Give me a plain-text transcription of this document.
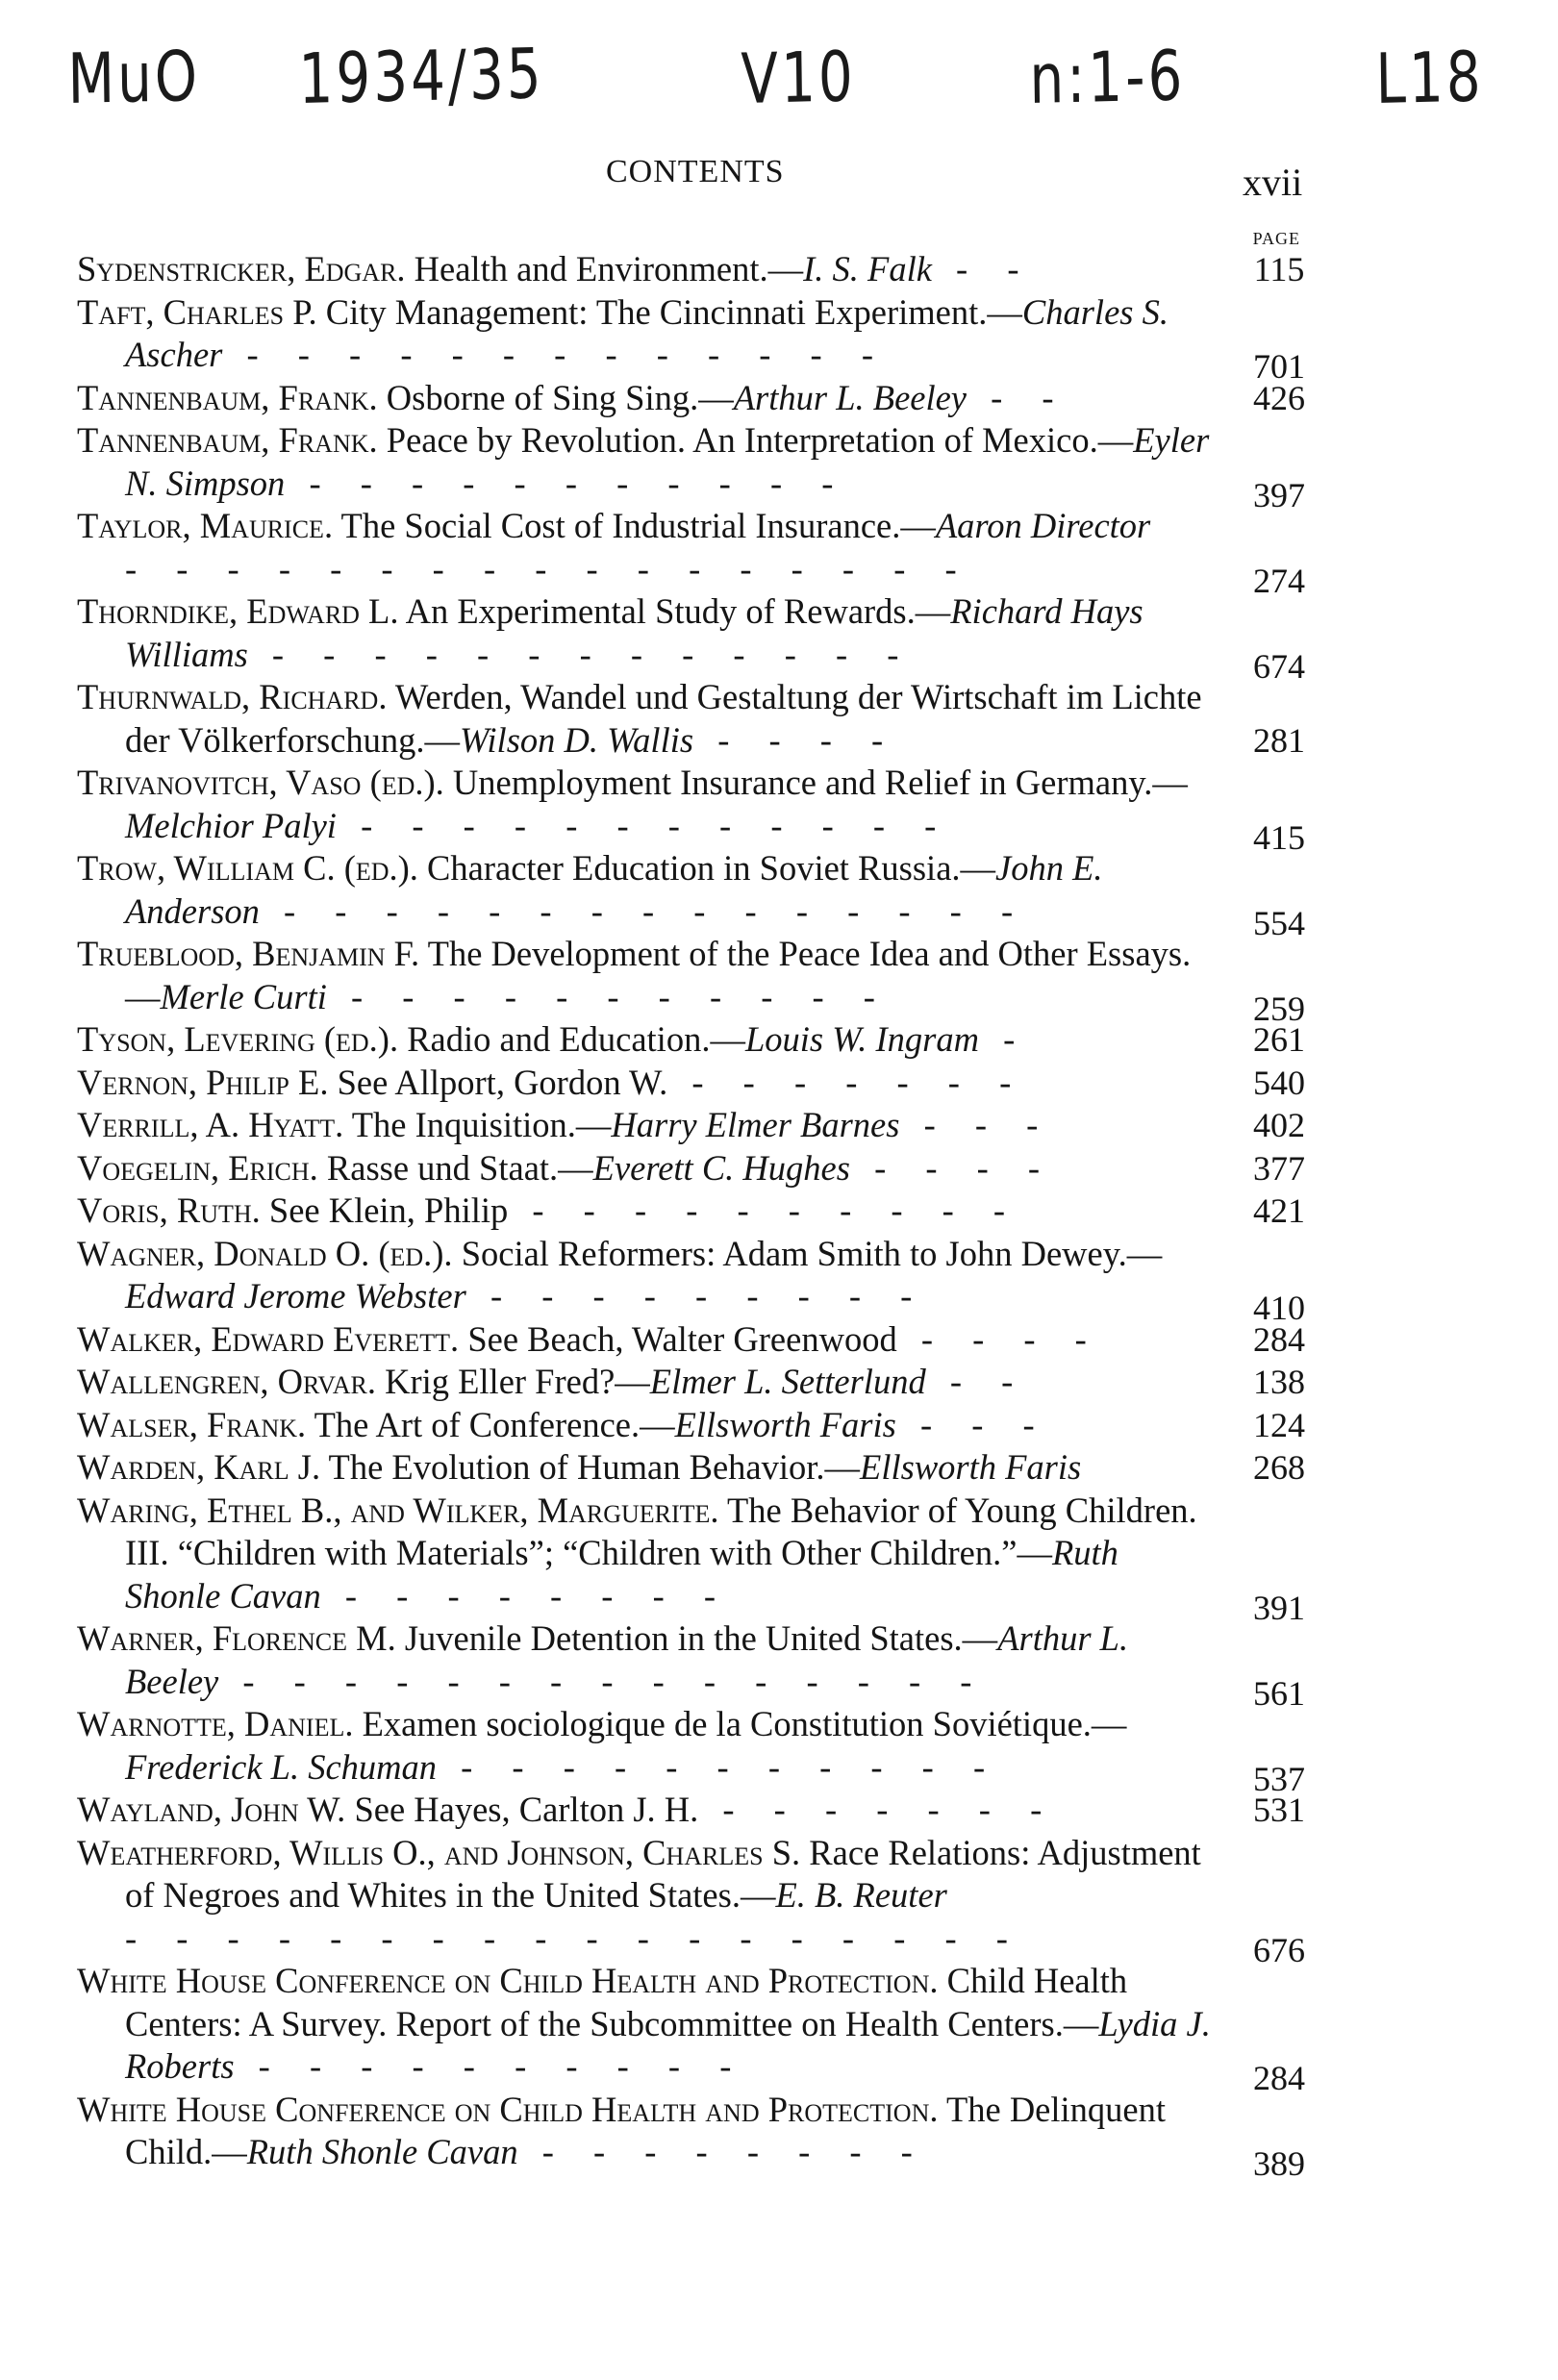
MuO 1934/35	V10 n:1-6	L18
CONTENTS	xvii
PAGE
Sydenstricker, Edgar. Health and Environment.—I. S. Falk - -	115
Taft, Charles P. City Management: The Cincinnati Experiment.—Charles S. Ascher - - - - - - - - - - - - -	701
Tannenbaum, Frank. Osborne of Sing Sing.—Arthur L. Beeley - -	426
Tannenbaum, Frank. Peace by Revolution. An Interpretation of Mexico.—Eyler N. Simpson - - - - - - - - - - -	397
Taylor, Maurice. The Social Cost of Industrial Insurance.—Aaron Director - - - - - - - - - - - - - - - - -	274
Thorndike, Edward L. An Experimental Study of Rewards.—Richard Hays Williams - - - - - - - - - - - - -	674
Thurnwald, Richard. Werden, Wandel und Gestaltung der Wirtschaft im Lichte der Völkerforschung.—Wilson D. Wallis - - - -	281
Trivanovitch, Vaso (ed.). Unemployment Insurance and Relief in Germany.—Melchior Palyi - - - - - - - - - - - -	415
Trow, William C. (ed.). Character Education in Soviet Russia.—John E. Anderson - - - - - - - - - - - - - - -	554
Trueblood, Benjamin F. The Development of the Peace Idea and Other Essays.—Merle Curti - - - - - - - - - - -	259
Tyson, Levering (ed.). Radio and Education.—Louis W. Ingram -	261
Vernon, Philip E. See Allport, Gordon W. - - - - - - -	540
Verrill, A. Hyatt. The Inquisition.—Harry Elmer Barnes - - -	402
Voegelin, Erich. Rasse und Staat.—Everett C. Hughes - - - -	377
Voris, Ruth. See Klein, Philip - - - - - - - - - -	421
Wagner, Donald O. (ed.). Social Reformers: Adam Smith to John Dewey.—Edward Jerome Webster - - - - - - - - -	410
Walker, Edward Everett. See Beach, Walter Greenwood - - - -	284
Wallengren, Orvar. Krig Eller Fred?—Elmer L. Setterlund - -	138
Walser, Frank. The Art of Conference.—Ellsworth Faris - - -	124
Warden, Karl J. The Evolution of Human Behavior.—Ellsworth Faris	268
Waring, Ethel B., and Wilker, Marguerite. The Behavior of Young Children. III. “Children with Materials”; “Children with Other Children.”—Ruth Shonle Cavan - - - - - - - -	391
Warner, Florence M. Juvenile Detention in the United States.—Arthur L. Beeley - - - - - - - - - - - - - - -	561
Warnotte, Daniel. Examen sociologique de la Constitution Soviétique.—Frederick L. Schuman - - - - - - - - - - -	537
Wayland, John W. See Hayes, Carlton J. H. - - - - - - -	531
Weatherford, Willis O., and Johnson, Charles S. Race Relations: Adjustment of Negroes and Whites in the United States.—E. B. Reuter - - - - - - - - - - - - - - - - - -	676
White House Conference on Child Health and Protection. Child Health Centers: A Survey. Report of the Subcommittee on Health Centers.—Lydia J. Roberts - - - - - - - - - -	284
White House Conference on Child Health and Protection. The Delinquent Child.—Ruth Shonle Cavan - - - - - - - -	389
